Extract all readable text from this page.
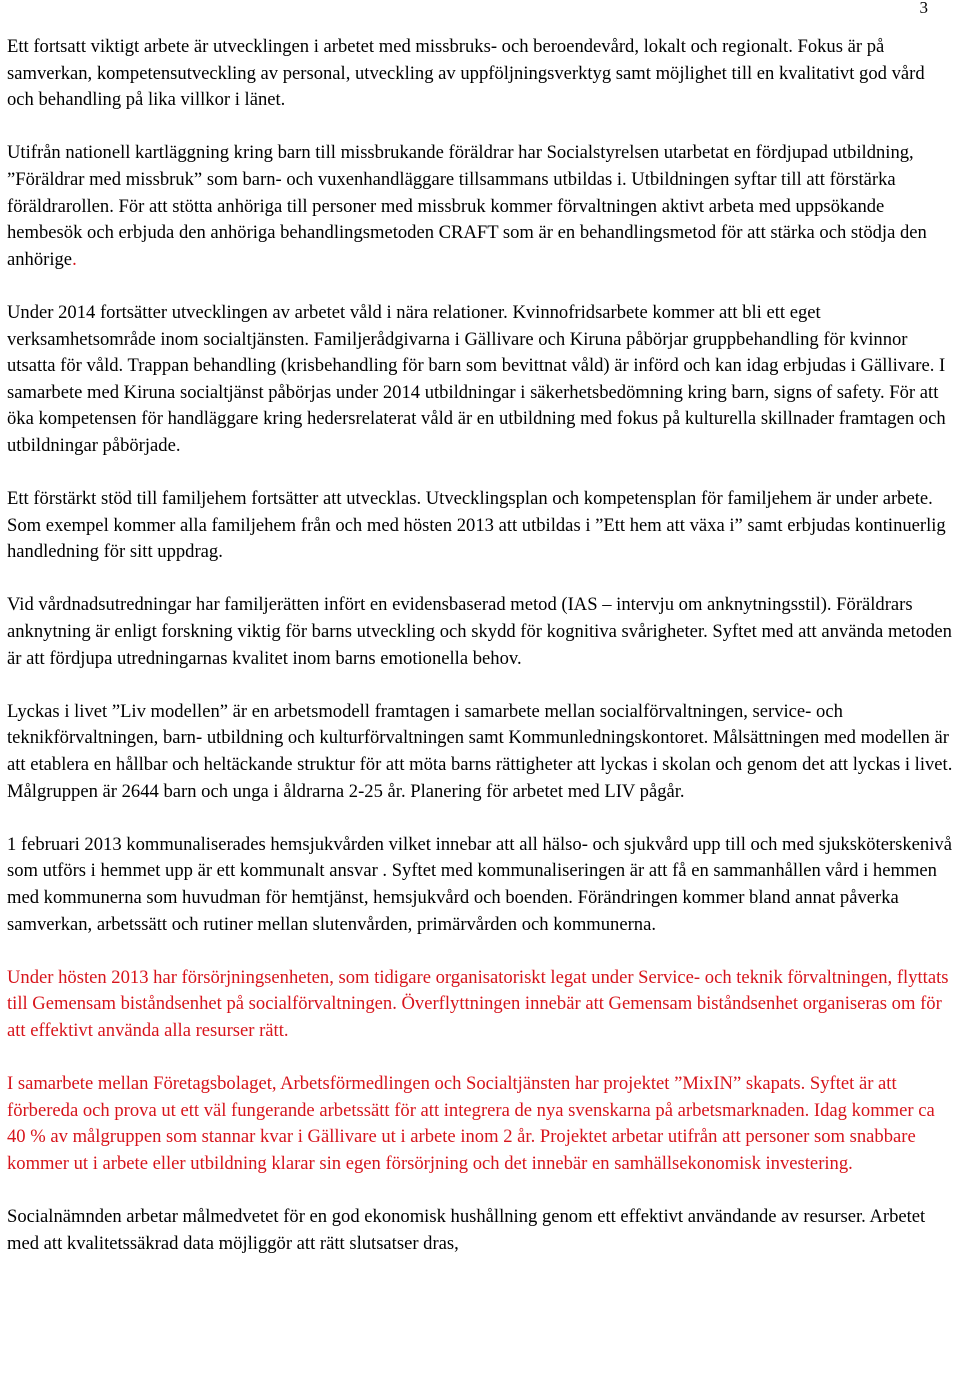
3

Ett fortsatt viktigt arbete är utvecklingen i arbetet med missbruks- och beroendevård, lokalt och regionalt. Fokus är på samverkan, kompetensutveckling av personal, utveckling av uppföljningsverktyg samt möjlighet till en kvalitativt god vård och behandling på lika villkor i länet.

Utifrån nationell kartläggning kring barn till missbrukande föräldrar har Socialstyrelsen utarbetat en fördjupad utbildning, ”Föräldrar med missbruk” som barn- och vuxenhandläggare tillsammans utbildas i. Utbildningen syftar till att förstärka föräldrarollen. För att stötta anhöriga till personer med missbruk kommer förvaltningen aktivt arbeta med uppsökande hembesök och erbjuda den anhöriga behandlingsmetoden CRAFT som är en behandlingsmetod för att stärka och stödja den anhörige.

Under 2014 fortsätter utvecklingen av arbetet våld i nära relationer. Kvinnofridsarbete kommer att bli ett eget verksamhetsområde inom socialtjänsten. Familjerådgivarna i Gällivare och Kiruna påbörjar gruppbehandling för kvinnor utsatta för våld. Trappan behandling (krisbehandling för barn som bevittnat våld) är införd och kan idag erbjudas i Gällivare. I samarbete med Kiruna socialtjänst påbörjas under 2014 utbildningar i säkerhetsbedömning kring barn, signs of safety. För att öka kompetensen för handläggare kring hedersrelaterat våld är en utbildning med fokus på kulturella skillnader framtagen och utbildningar påbörjade.

Ett förstärkt stöd till familjehem fortsätter att utvecklas. Utvecklingsplan och kompetensplan för familjehem är under arbete. Som exempel kommer alla familjehem från och med hösten 2013 att utbildas i ”Ett hem att växa i” samt erbjudas kontinuerlig handledning för sitt uppdrag.

Vid vårdnadsutredningar har familjerätten infört en evidensbaserad metod (IAS – intervju om anknytningsstil). Föräldrars anknytning är enligt forskning viktig för barns utveckling och skydd för kognitiva svårigheter. Syftet med att använda metoden är att fördjupa utredningarnas kvalitet inom barns emotionella behov.

Lyckas i livet ”Liv modellen” är en arbetsmodell framtagen i samarbete mellan socialförvaltningen, service- och teknikförvaltningen, barn- utbildning och kulturförvaltningen samt Kommunledningskontoret. Målsättningen med modellen är att etablera en hållbar och heltäckande struktur för att möta barns rättigheter att lyckas i skolan och genom det att lyckas i livet. Målgruppen är 2644 barn och unga i åldrarna 2-25 år. Planering för arbetet med LIV pågår.

1 februari 2013 kommunaliserades hemsjukvården vilket innebar att all hälso- och sjukvård upp till och med sjuksköterskenivå som utförs i hemmet upp är ett kommunalt ansvar . Syftet med kommunaliseringen är att få en sammanhållen vård i hemmen med kommunerna som huvudman för hemtjänst, hemsjukvård och boenden. Förändringen kommer bland annat påverka samverkan, arbetssätt och rutiner mellan slutenvården, primärvården och kommunerna.

Under hösten 2013 har försörjningsenheten, som tidigare organisatoriskt legat under Service- och teknik förvaltningen, flyttats till Gemensam biståndsenhet på socialförvaltningen. Överflyttningen innebär att Gemensam biståndsenhet organiseras om för att effektivt använda alla resurser rätt.

I samarbete mellan Företagsbolaget, Arbetsförmedlingen och Socialtjänsten har projektet ”MixIN” skapats. Syftet är att förbereda och prova ut ett väl fungerande arbetssätt för att integrera de nya svenskarna på arbetsmarknaden. Idag kommer ca 40 % av målgruppen som stannar kvar i Gällivare ut i arbete inom 2 år. Projektet arbetar utifrån att personer som snabbare kommer ut i arbete eller utbildning klarar sin egen försörjning och det innebär en samhällsekonomisk investering.

Socialnämnden arbetar målmedvetet för en god ekonomisk hushållning genom ett effektivt användande av resurser. Arbetet med att kvalitetssäkrad data möjliggör att rätt slutsatser dras,
